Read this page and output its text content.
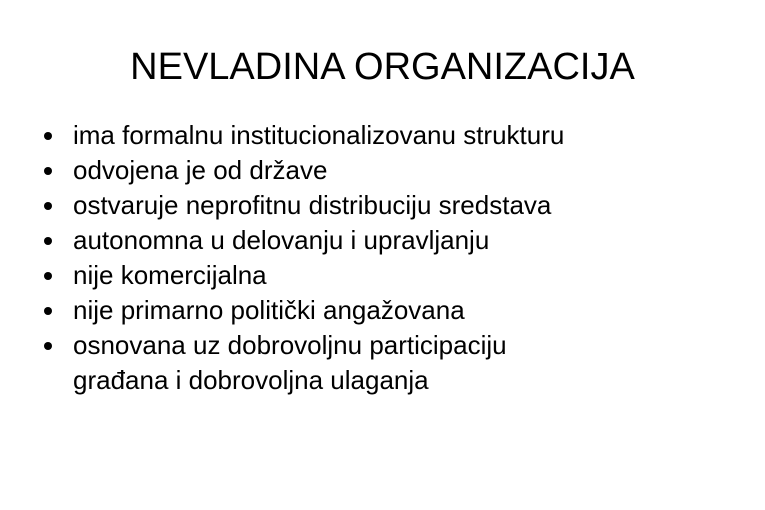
NEVLADINA ORGANIZACIJA
ima formalnu institucionalizovanu strukturu
odvojena je od države
ostvaruje neprofitnu distribuciju sredstava
autonomna u delovanju i upravljanju
nije komercijalna
nije primarno politički angažovana
osnovana uz dobrovoljnu participaciju
građana i dobrovoljna ulaganja
